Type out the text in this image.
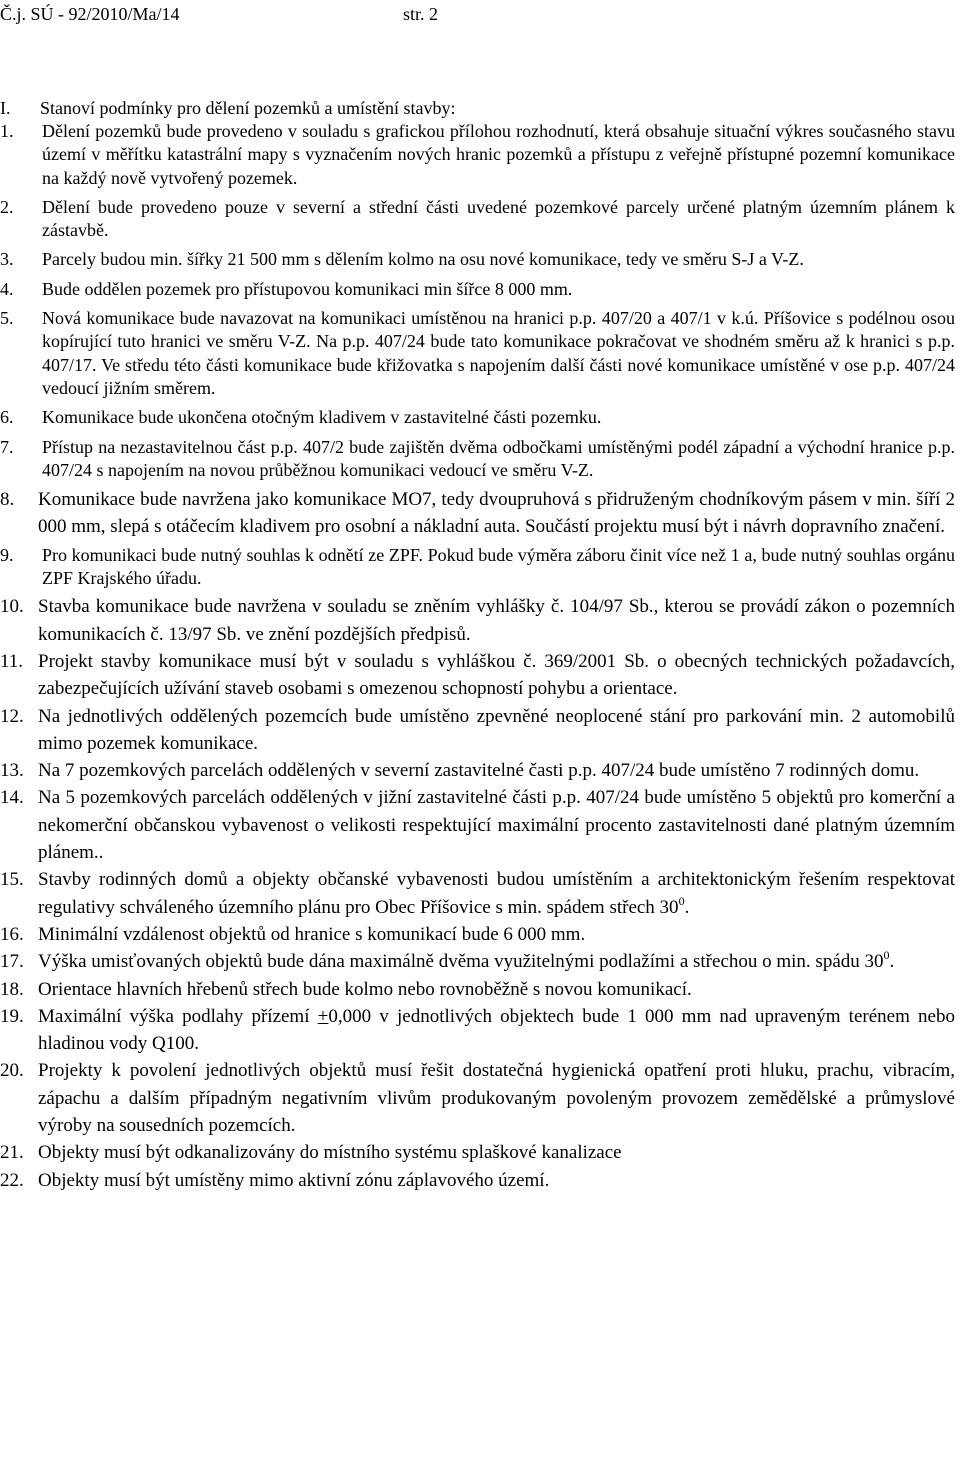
Č.j. SÚ - 92/2010/Ma/14	str. 2
I. Stanoví podmínky pro dělení pozemků a umístění stavby:
1.	Dělení pozemků bude provedeno v souladu s grafickou přílohou rozhodnutí, která obsahuje situační výkres současného stavu území v měřítku katastrální mapy s vyznačením nových hranic pozemků a přístupu z veřejně přístupné pozemní komunikace na každý nově vytvořený pozemek.
2.	Dělení bude provedeno pouze v severní a střední části uvedené pozemkové parcely určené platným územním plánem k zástavbě.
3.	Parcely budou min. šířky 21 500 mm s dělením kolmo na osu nové komunikace, tedy ve směru S-J a V-Z.
4.	Bude oddělen pozemek pro přístupovou komunikaci min šířce 8 000 mm.
5.	Nová komunikace bude navazovat na komunikaci umístěnou na hranici p.p. 407/20 a 407/1 v k.ú. Příšovice s podélnou osou kopírující tuto hranici ve směru V-Z. Na p.p. 407/24 bude tato komunikace pokračovat ve shodném směru až k hranici s p.p. 407/17. Ve středu této části komunikace bude křižovatka s napojením další části nové komunikace umístěné v ose p.p. 407/24 vedoucí jižním směrem.
6.	Komunikace bude ukončena otočným kladivem v zastavitelné části pozemku.
7.	Přístup na nezastavitelnou část p.p. 407/2 bude zajištěn dvěma odbočkami umístěnými podél západní a východní hranice p.p. 407/24 s napojením na novou průběžnou komunikaci vedoucí ve směru V-Z.
8.	Komunikace bude navržena jako komunikace MO7, tedy dvoupruhová s přidruženým chodníkovým pásem v min. šíří 2 000 mm, slepá s otáčecím kladivem pro osobní a nákladní auta. Součástí projektu musí být i návrh dopravního značení.
9.	Pro komunikaci bude nutný souhlas k odnětí ze ZPF. Pokud bude výměra záboru činit více než 1 a, bude nutný souhlas orgánu ZPF Krajského úřadu.
10. Stavba komunikace bude navržena v souladu se zněním vyhlášky č. 104/97 Sb., kterou se provádí zákon o pozemních komunikacích č. 13/97 Sb. ve znění pozdějších předpisů.
11. Projekt stavby komunikace musí být v souladu s vyhláškou č. 369/2001 Sb. o obecných technických požadavcích, zabezpečujících užívání staveb osobami s omezenou schopností pohybu a orientace.
12. Na jednotlivých oddělených pozemcích bude umístěno zpevněné neoplocené stání pro parkování min. 2 automobilů mimo pozemek komunikace.
13. Na 7 pozemkových parcelách oddělených v severní zastavitelné časti p.p. 407/24 bude umístěno 7 rodinných domu.
14. Na 5 pozemkových parcelách oddělených v jižní zastavitelné části p.p. 407/24 bude umístěno 5 objektů pro komerční a nekomerční občanskou vybavenost o velikosti respektující maximální procento zastavitelnosti dané platným územním plánem..
15. Stavby rodinných domů a objekty občanské vybavenosti budou umístěním a architektonickým řešením respektovat regulativy schváleného územního plánu pro Obec Příšovice s min. spádem střech $30^0$.
16. Minimální vzdálenost objektů od hranice s komunikací bude 6 000 mm.
17. Výška umisťovaných objektů bude dána maximálně dvěma využitelnými podlažími a střechou o min. spádu $30^0$.
18. Orientace hlavních hřebenů střech bude kolmo nebo rovnoběžně s novou komunikací.
19. Maximální výška podlahy přízemí +0,000 v jednotlivých objektech bude 1 000 mm nad upraveným terénem nebo hladinou vody Q100.
20. Projekty k povolení jednotlivých objektů musí řešit dostatečná hygienická opatření proti hluku, prachu, vibracím, zápachu a dalším případným negativním vlivům produkovaným povoleným provozem zemědělské a průmyslové výroby na sousedních pozemcích.
21. Objekty musí být odkanalizovány do místního systému splaškové kanalizace
22. Objekty musí být umístěny mimo aktivní zónu záplavového území.
